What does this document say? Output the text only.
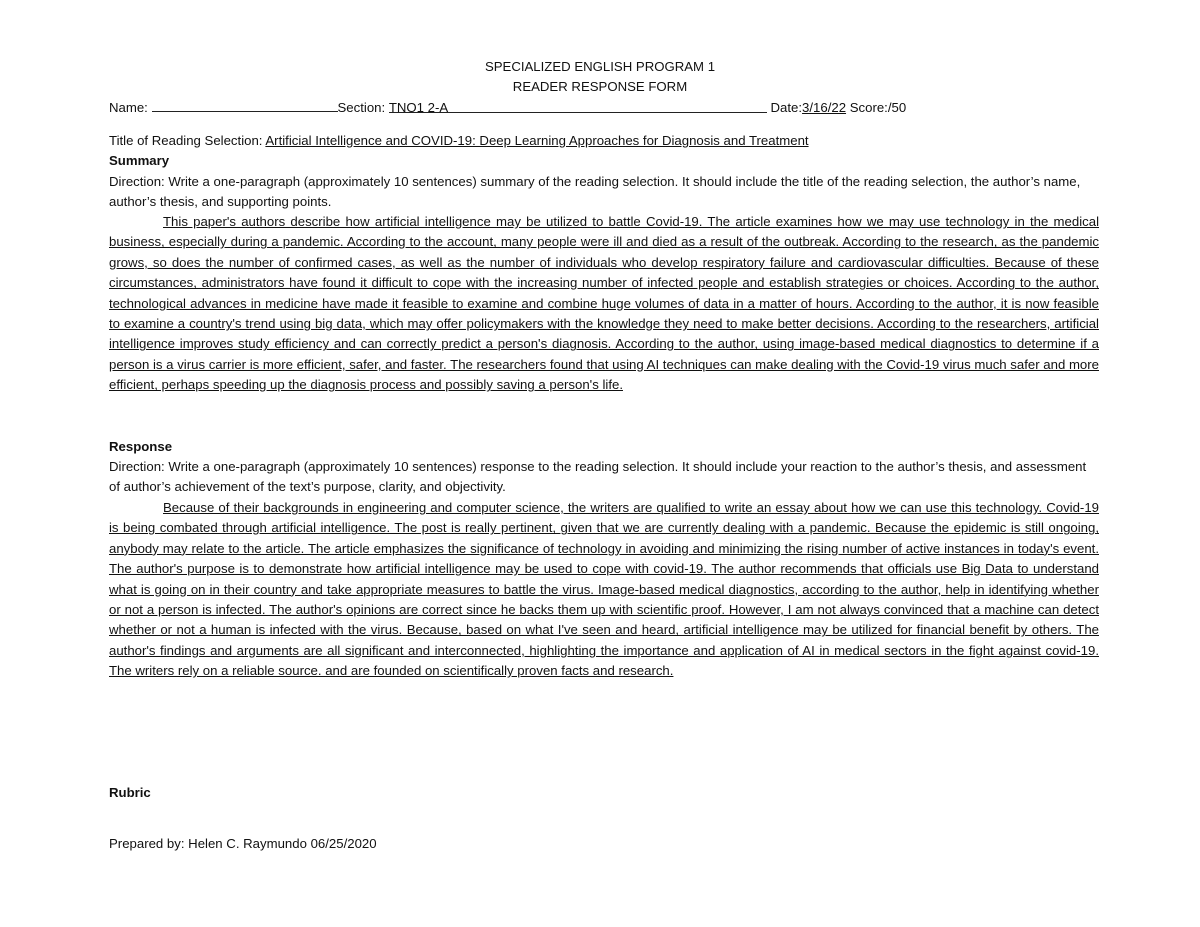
SPECIALIZED ENGLISH PROGRAM 1
READER RESPONSE FORM
Name:	Section: TNO1 2-A	Date:3/16/22 Score:/50
Title of Reading Selection: Artificial Intelligence and COVID-19: Deep Learning Approaches for Diagnosis and Treatment
Summary
Direction: Write a one-paragraph (approximately 10 sentences) summary of the reading selection. It should include the title of the reading selection, the author’s name, author’s thesis, and supporting points.
This paper's authors describe how artificial intelligence may be utilized to battle Covid-19. The article examines how we may use technology in the medical business, especially during a pandemic. According to the account, many people were ill and died as a result of the outbreak. According to the research, as the pandemic grows, so does the number of confirmed cases, as well as the number of individuals who develop respiratory failure and cardiovascular difficulties. Because of these circumstances, administrators have found it difficult to cope with the increasing number of infected people and establish strategies or choices. According to the author, technological advances in medicine have made it feasible to examine and combine huge volumes of data in a matter of hours. According to the author, it is now feasible to examine a country's trend using big data, which may offer policymakers with the knowledge they need to make better decisions. According to the researchers, artificial intelligence improves study efficiency and can correctly predict a person's diagnosis. According to the author, using image-based medical diagnostics to determine if a person is a virus carrier is more efficient, safer, and faster. The researchers found that using AI techniques can make dealing with the Covid-19 virus much safer and more efficient, perhaps speeding up the diagnosis process and possibly saving a person's life.
Response
Direction: Write a one-paragraph (approximately 10 sentences) response to the reading selection. It should include your reaction to the author’s thesis, and assessment of author’s achievement of the text’s purpose, clarity, and objectivity.
Because of their backgrounds in engineering and computer science, the writers are qualified to write an essay about how we can use this technology. Covid-19 is being combated through artificial intelligence. The post is really pertinent, given that we are currently dealing with a pandemic. Because the epidemic is still ongoing, anybody may relate to the article. The article emphasizes the significance of technology in avoiding and minimizing the rising number of active instances in today's event. The author's purpose is to demonstrate how artificial intelligence may be used to cope with covid-19. The author recommends that officials use Big Data to understand what is going on in their country and take appropriate measures to battle the virus. Image-based medical diagnostics, according to the author, help in identifying whether or not a person is infected. The author's opinions are correct since he backs them up with scientific proof. However, I am not always convinced that a machine can detect whether or not a human is infected with the virus. Because, based on what I've seen and heard, artificial intelligence may be utilized for financial benefit by others. The author's findings and arguments are all significant and interconnected, highlighting the importance and application of AI in medical sectors in the fight against covid-19. The writers rely on a reliable source. and are founded on scientifically proven facts and research.
Rubric
Prepared by: Helen C. Raymundo 06/25/2020
